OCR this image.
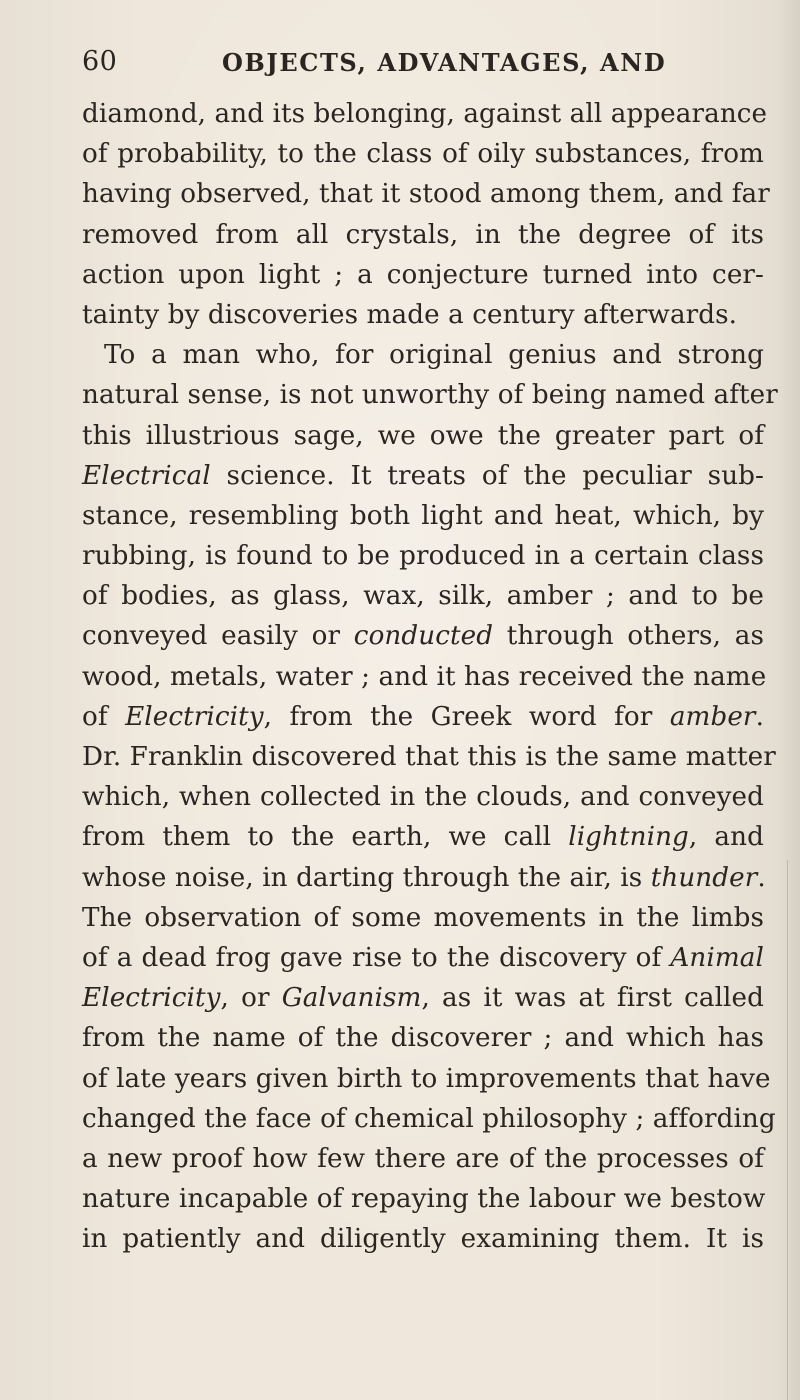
60	OBJECTS, ADVANTAGES, AND
diamond, and its belonging, against all appearance
of probability, to the class of oily substances, from
having observed, that it stood among them, and far
removed from all crystals, in the degree of its
action upon light ; a conjecture turned into cer-
tainty by discoveries made a century afterwards.
To a man who, for original genius and strong
natural sense, is not unworthy of being named after
this illustrious sage, we owe the greater part of
Electrical science. It treats of the peculiar sub-
stance, resembling both light and heat, which, by
rubbing, is found to be produced in a certain class
of bodies, as glass, wax, silk, amber ; and to be
conveyed easily or conducted through others, as
wood, metals, water ; and it has received the name
of Electricity, from the Greek word for amber.
Dr. Franklin discovered that this is the same matter
which, when collected in the clouds, and conveyed
from them to the earth, we call lightning, and
whose noise, in darting through the air, is thunder.
The observation of some movements in the limbs
of a dead frog gave rise to the discovery of Animal
Electricity, or Galvanism, as it was at first called
from the name of the discoverer ; and which has
of late years given birth to improvements that have
changed the face of chemical philosophy ; affording
a new proof how few there are of the processes of
nature incapable of repaying the labour we bestow
in patiently and diligently examining them. It is
